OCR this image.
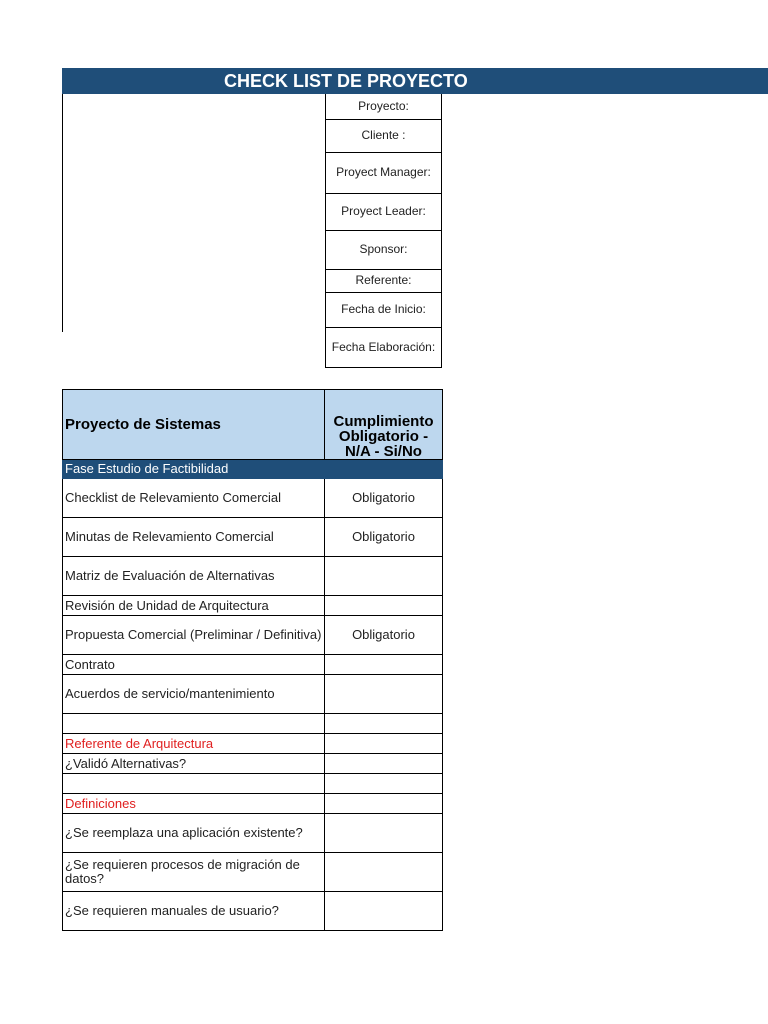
CHECK LIST DE PROYECTO
Proyecto:
Cliente :
Proyect Manager:
Proyect Leader:
Sponsor:
Referente:
Fecha de Inicio:
Fecha Elaboración:
Proyecto de Sistemas	Cumplimiento Obligatorio - N/A - Si/No
Fase Estudio de Factibilidad	
Checklist de Relevamiento Comercial	Obligatorio
Minutas de Relevamiento Comercial	Obligatorio
Matriz de Evaluación de Alternativas	
Revisión de Unidad de Arquitectura	
Propuesta Comercial (Preliminar / Definitiva)	Obligatorio
Contrato	
Acuerdos de servicio/mantenimiento	

Referente de Arquitectura	
¿Validó Alternativas?	

Definiciones	
¿Se reemplaza una aplicación existente?	
¿Se requieren procesos de migración de datos?	
¿Se requieren manuales de usuario?	
